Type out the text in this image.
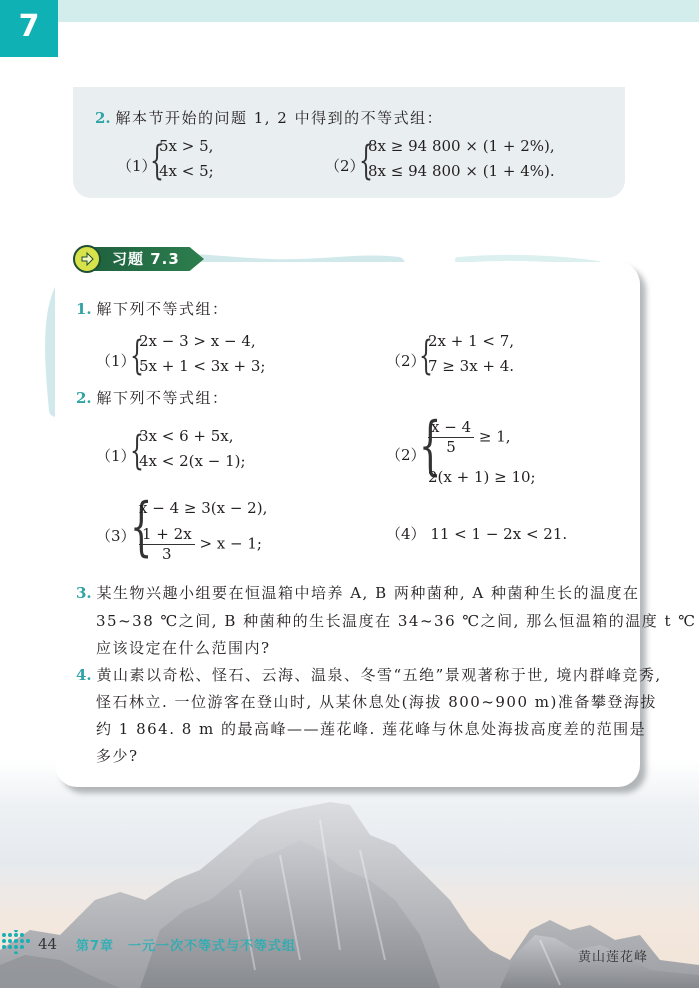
7
2. 解本节开始的问题 1, 2 中得到的不等式组：
（1）
{
5x > 5,
4x < 5;	（2）
{
8x ≥ 94 800 × (1 + 2%),
8x ≤ 94 800 × (1 + 4%).
习题 7.3
1. 解下列不等式组：
（1）
{
2x − 3 > x − 4,
5x + 1 < 3x + 3;	（2）
{
2x + 1 < 7,
7 ≥ 3x + 4.
2. 解下列不等式组：
（1）
{
3x < 6 + 5x,
4x < 2(x − 1);	（2）
{
$\frac{x - 4}{5} \ge 1$,
2(x + 1) ≥ 10;
（3）
{
x − 4 ≥ 3(x − 2),
$\frac{1 + 2x}{3} > x - 1$;
（4） 11 < 1 − 2x < 21.
3. 某生物兴趣小组要在恒温箱中培养 A, B 两种菌种, A 种菌种生长的温度在
35~38 ℃之间, B 种菌种的生长温度在 34~36 ℃之间, 那么恒温箱的温度 t ℃
应该设定在什么范围内?
4. 黄山素以奇松、怪石、云海、温泉、冬雪“五绝”景观著称于世, 境内群峰竞秀,
怪石林立. 一位游客在登山时, 从某休息处(海拔 800~900 m)准备攀登海拔
约 1 864. 8 m 的最高峰——莲花峰. 莲花峰与休息处海拔高度差的范围是
多少?
44 第7章　一元一次不等式与不等式组
黄山莲花峰
